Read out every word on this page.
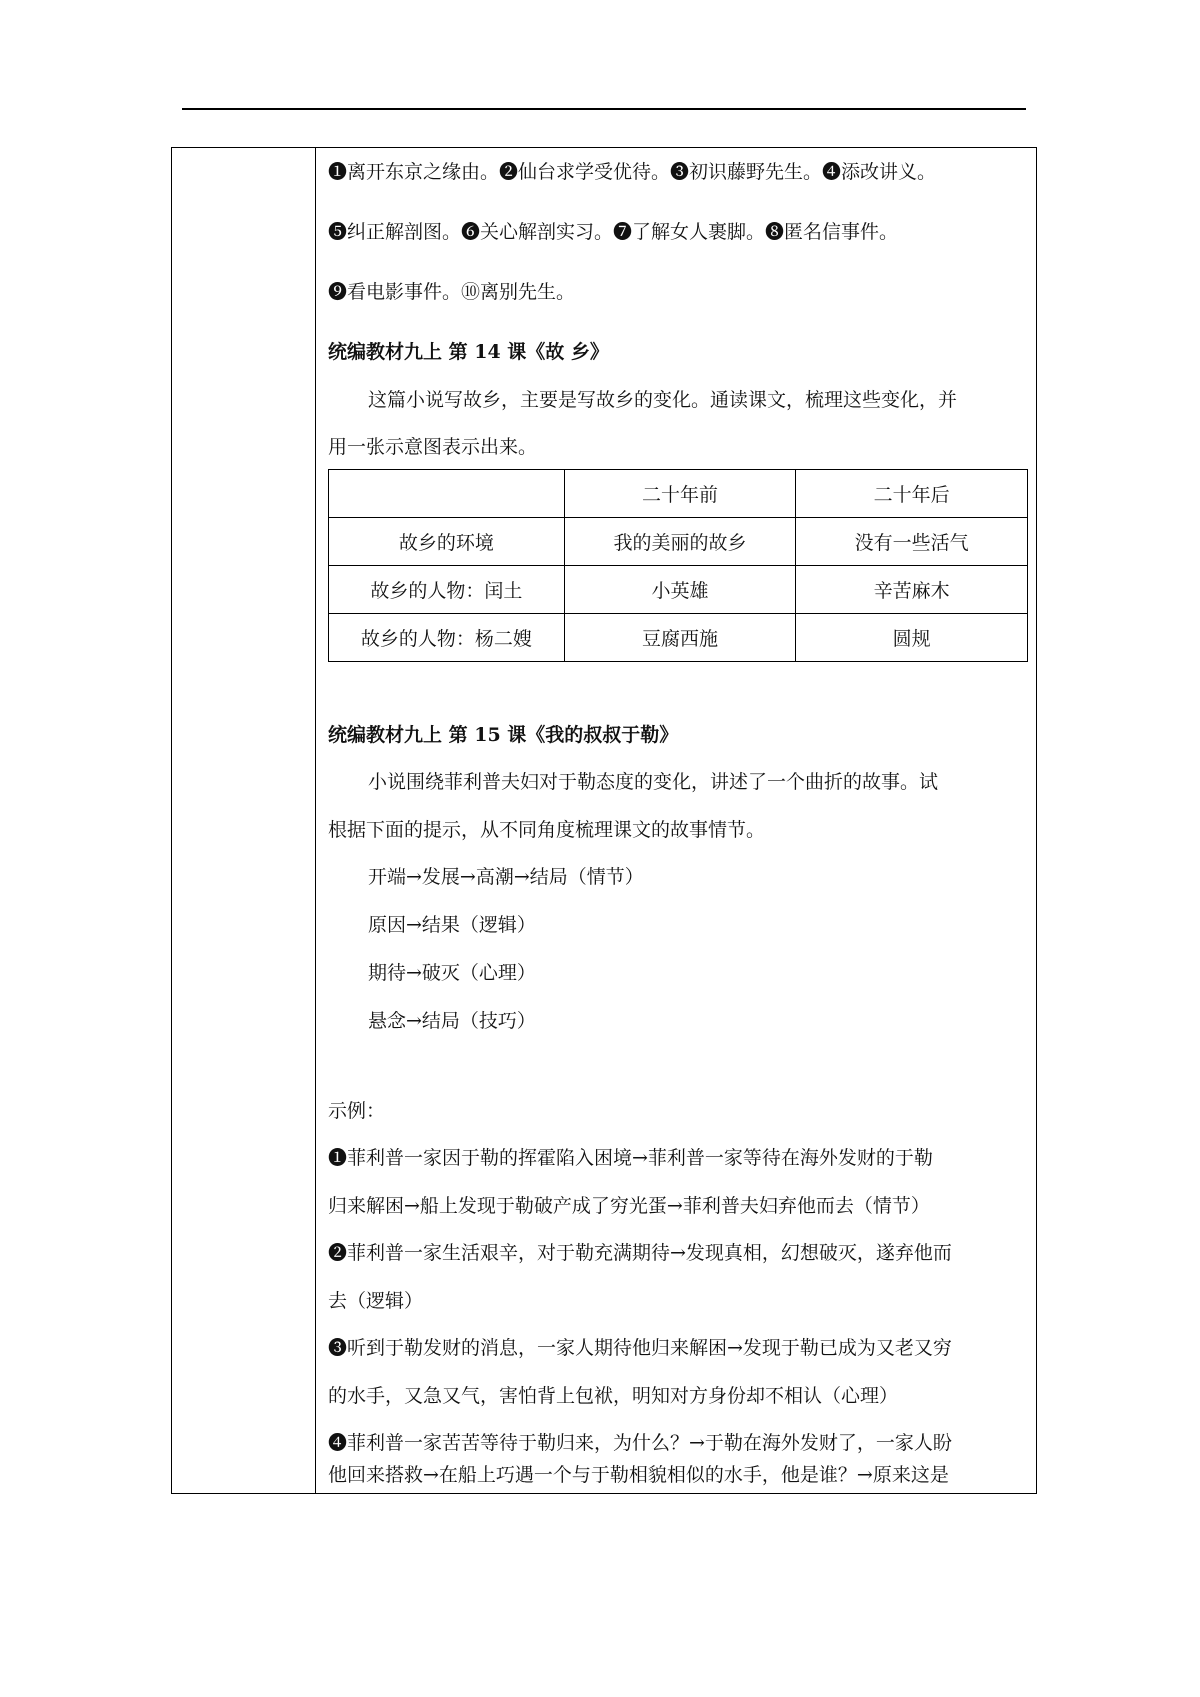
❶离开东京之缘由。❷仙台求学受优待。❸初识藤野先生。❹添改讲义。
❺纠正解剖图。❻关心解剖实习。❼了解女人裹脚。❽匿名信事件。
❾看电影事件。⑩离别先生。
统编教材九上 第 14 课《故 乡》
这篇小说写故乡，主要是写故乡的变化。通读课文，梳理这些变化，并
用一张示意图表示出来。
	二十年前	二十年后
故乡的环境	我的美丽的故乡	没有一些活气
故乡的人物：闰土	小英雄	辛苦麻木
故乡的人物：杨二嫂	豆腐西施	圆规
统编教材九上 第 15 课《我的叔叔于勒》
小说围绕菲利普夫妇对于勒态度的变化，讲述了一个曲折的故事。试
根据下面的提示，从不同角度梳理课文的故事情节。
开端→发展→高潮→结局（情节）
原因→结果（逻辑）
期待→破灭（心理）
悬念→结局（技巧）
示例：
❶菲利普一家因于勒的挥霍陷入困境→菲利普一家等待在海外发财的于勒
归来解困→船上发现于勒破产成了穷光蛋→菲利普夫妇弃他而去（情节）
❷菲利普一家生活艰辛，对于勒充满期待→发现真相，幻想破灭，遂弃他而
去（逻辑）
❸听到于勒发财的消息，一家人期待他归来解困→发现于勒已成为又老又穷
的水手，又急又气，害怕背上包袱，明知对方身份却不相认（心理）
❹菲利普一家苦苦等待于勒归来，为什么？→于勒在海外发财了，一家人盼
他回来搭救→在船上巧遇一个与于勒相貌相似的水手，他是谁？→原来这是
